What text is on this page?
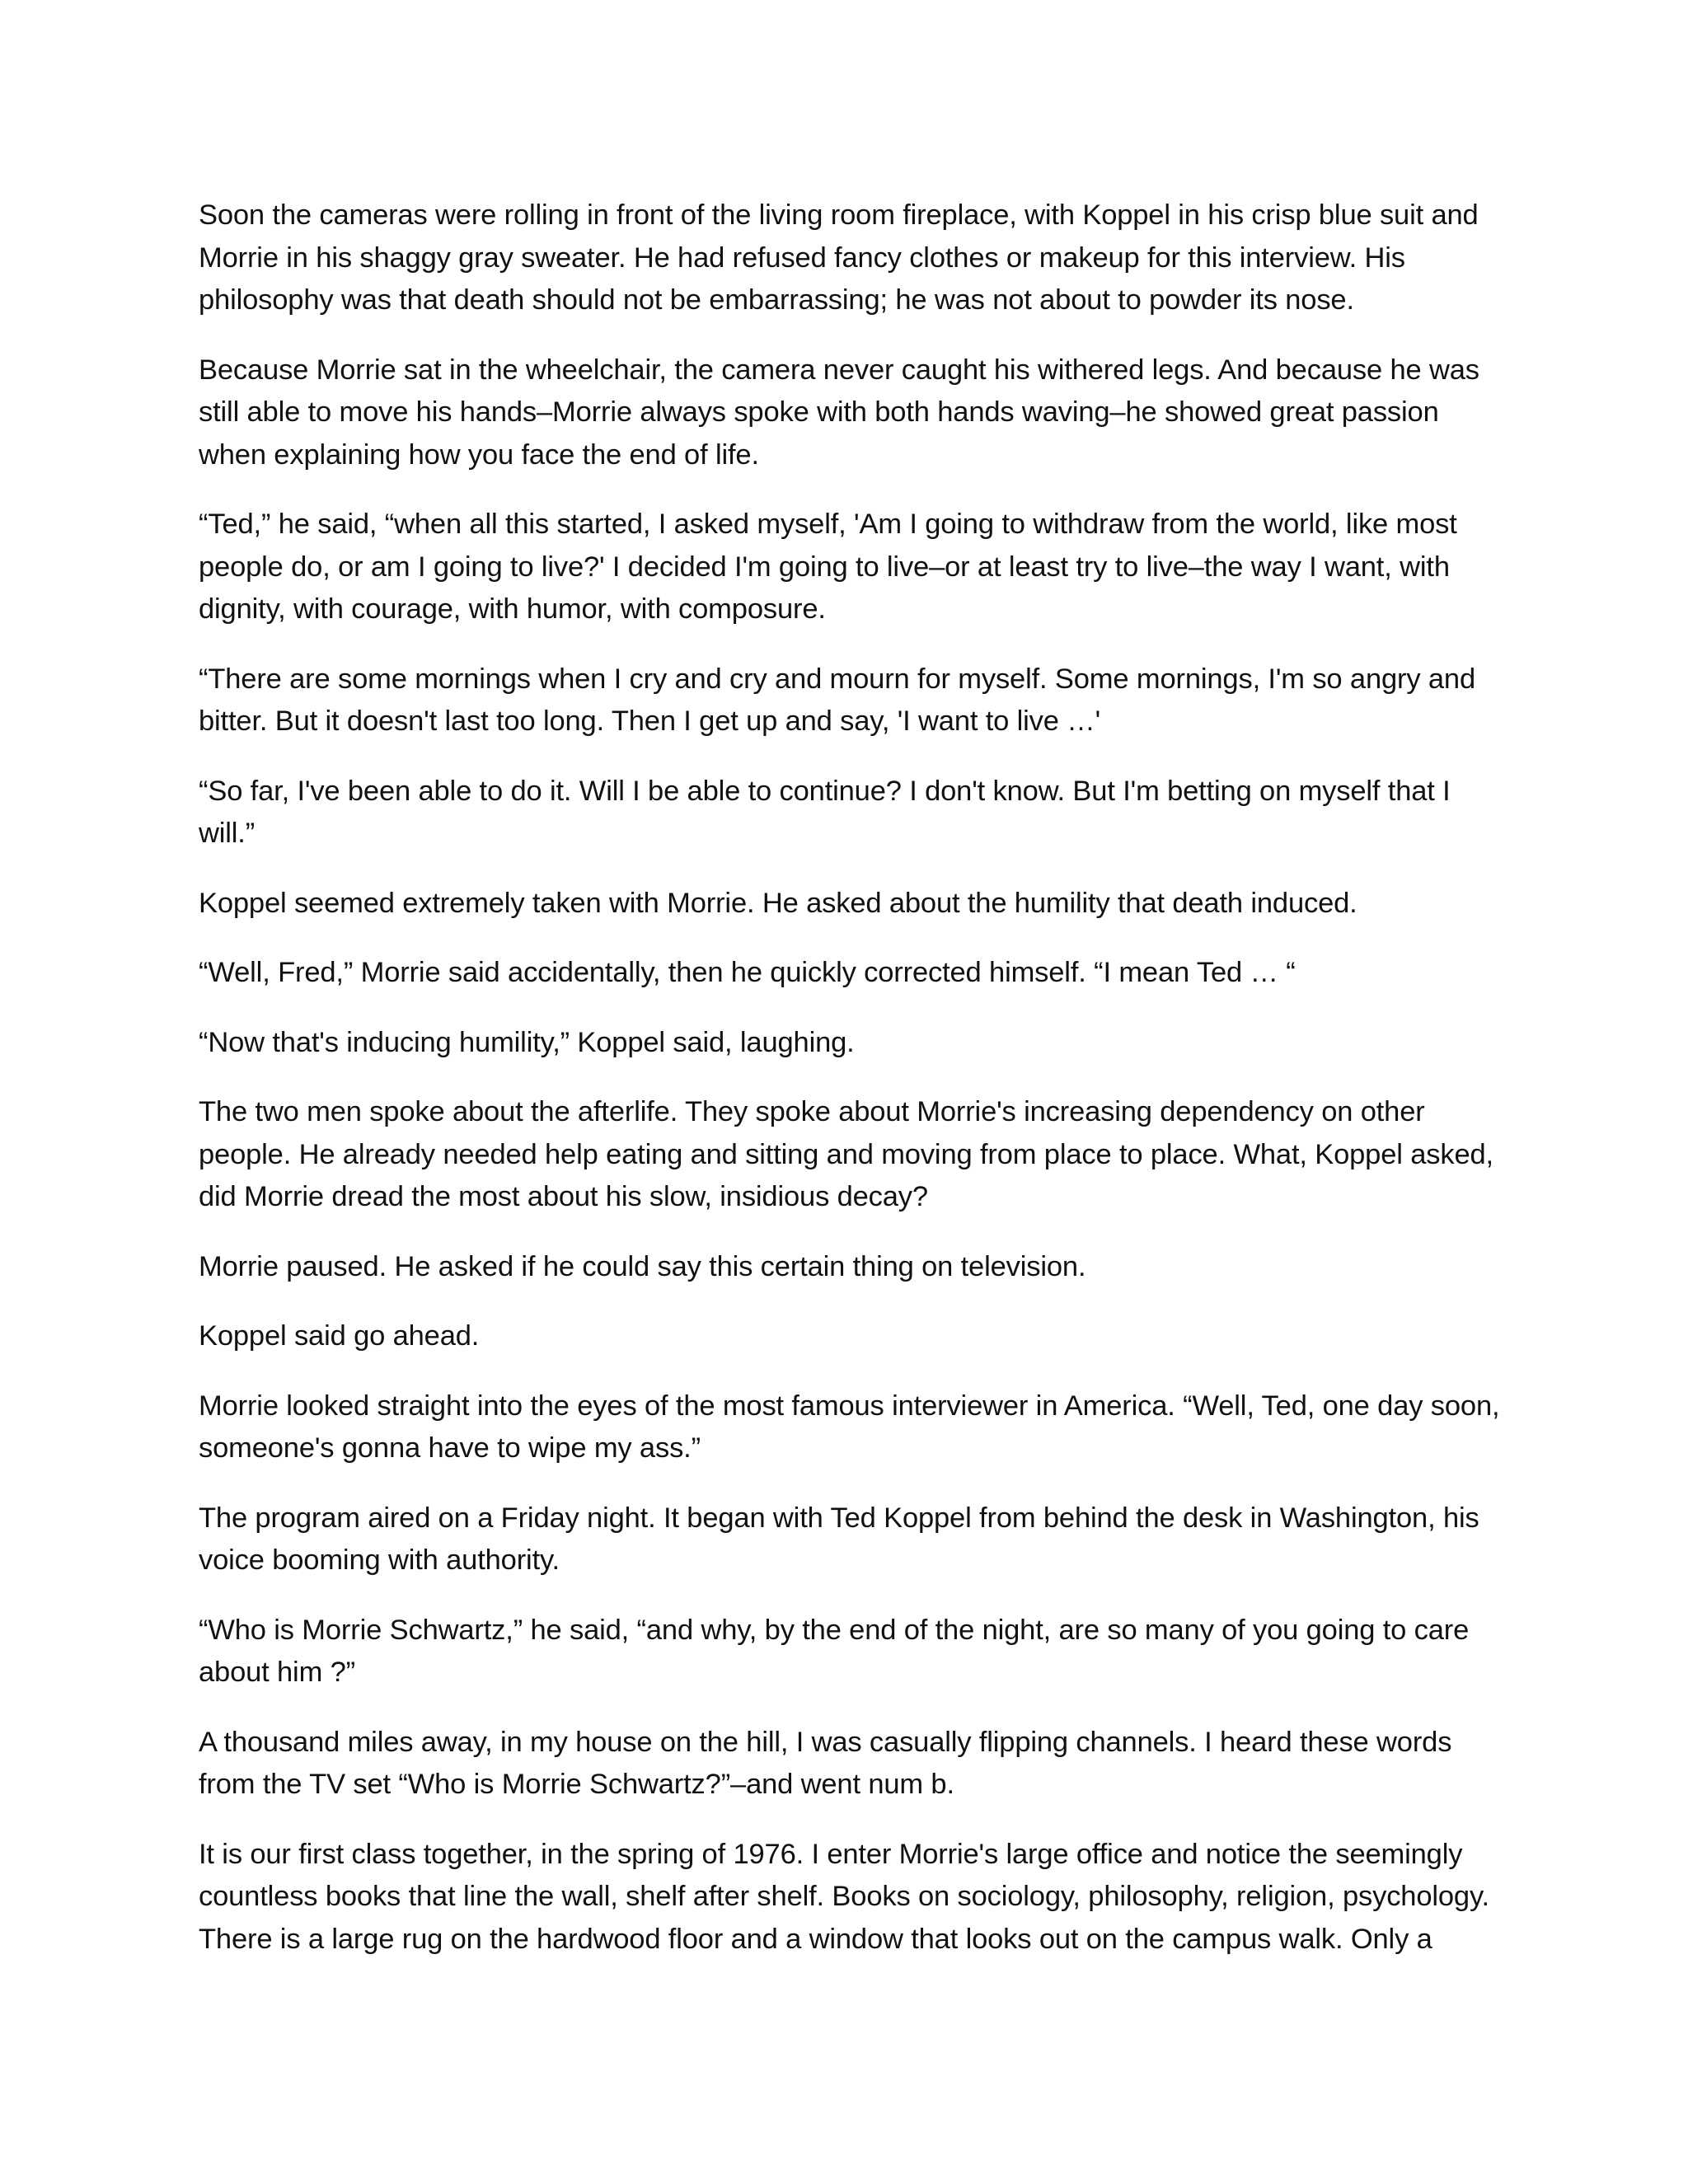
Soon the cameras were rolling in front of the living room fireplace, with Koppel in his crisp blue suit and Morrie in his shaggy gray sweater. He had refused fancy clothes or makeup for this interview. His philosophy was that death should not be embarrassing; he was not about to powder its nose.

Because Morrie sat in the wheelchair, the camera never caught his withered legs. And because he was still able to move his hands–Morrie always spoke with both hands waving–he showed great passion when explaining how you face the end of life.

“Ted,” he said, “when all this started, I asked myself, 'Am I going to withdraw from the world, like most people do, or am I going to live?' I decided I'm going to live–or at least try to live–the way I want, with dignity, with courage, with humor, with composure.

“There are some mornings when I cry and cry and mourn for myself. Some mornings, I'm so angry and bitter. But it doesn't last too long. Then I get up and say, 'I want to live …'

“So far, I've been able to do it. Will I be able to continue? I don't know. But I'm betting on myself that I will.”

Koppel seemed extremely taken with Morrie. He asked about the humility that death induced.

“Well, Fred,” Morrie said accidentally, then he quickly corrected himself. “I mean Ted … “

“Now that's inducing humility,” Koppel said, laughing.

The two men spoke about the afterlife. They spoke about Morrie's increasing dependency on other people. He already needed help eating and sitting and moving from place to place. What, Koppel asked, did Morrie dread the most about his slow, insidious decay?

Morrie paused. He asked if he could say this certain thing on television.

Koppel said go ahead.

Morrie looked straight into the eyes of the most famous interviewer in America. “Well, Ted, one day soon, someone's gonna have to wipe my ass.”

The program aired on a Friday night. It began with Ted Koppel from behind the desk in Washington, his voice booming with authority.

“Who is Morrie Schwartz,” he said, “and why, by the end of the night, are so many of you going to care about him ?”

A thousand miles away, in my house on the hill, I was casually flipping channels. I heard these words from the TV set “Who is Morrie Schwartz?”–and went num b.

It is our first class together, in the spring of 1976. I enter Morrie's large office and notice the seemingly countless books that line the wall, shelf after shelf. Books on sociology, philosophy, religion, psychology. There is a large rug on the hardwood floor and a window that looks out on the campus walk. Only a
